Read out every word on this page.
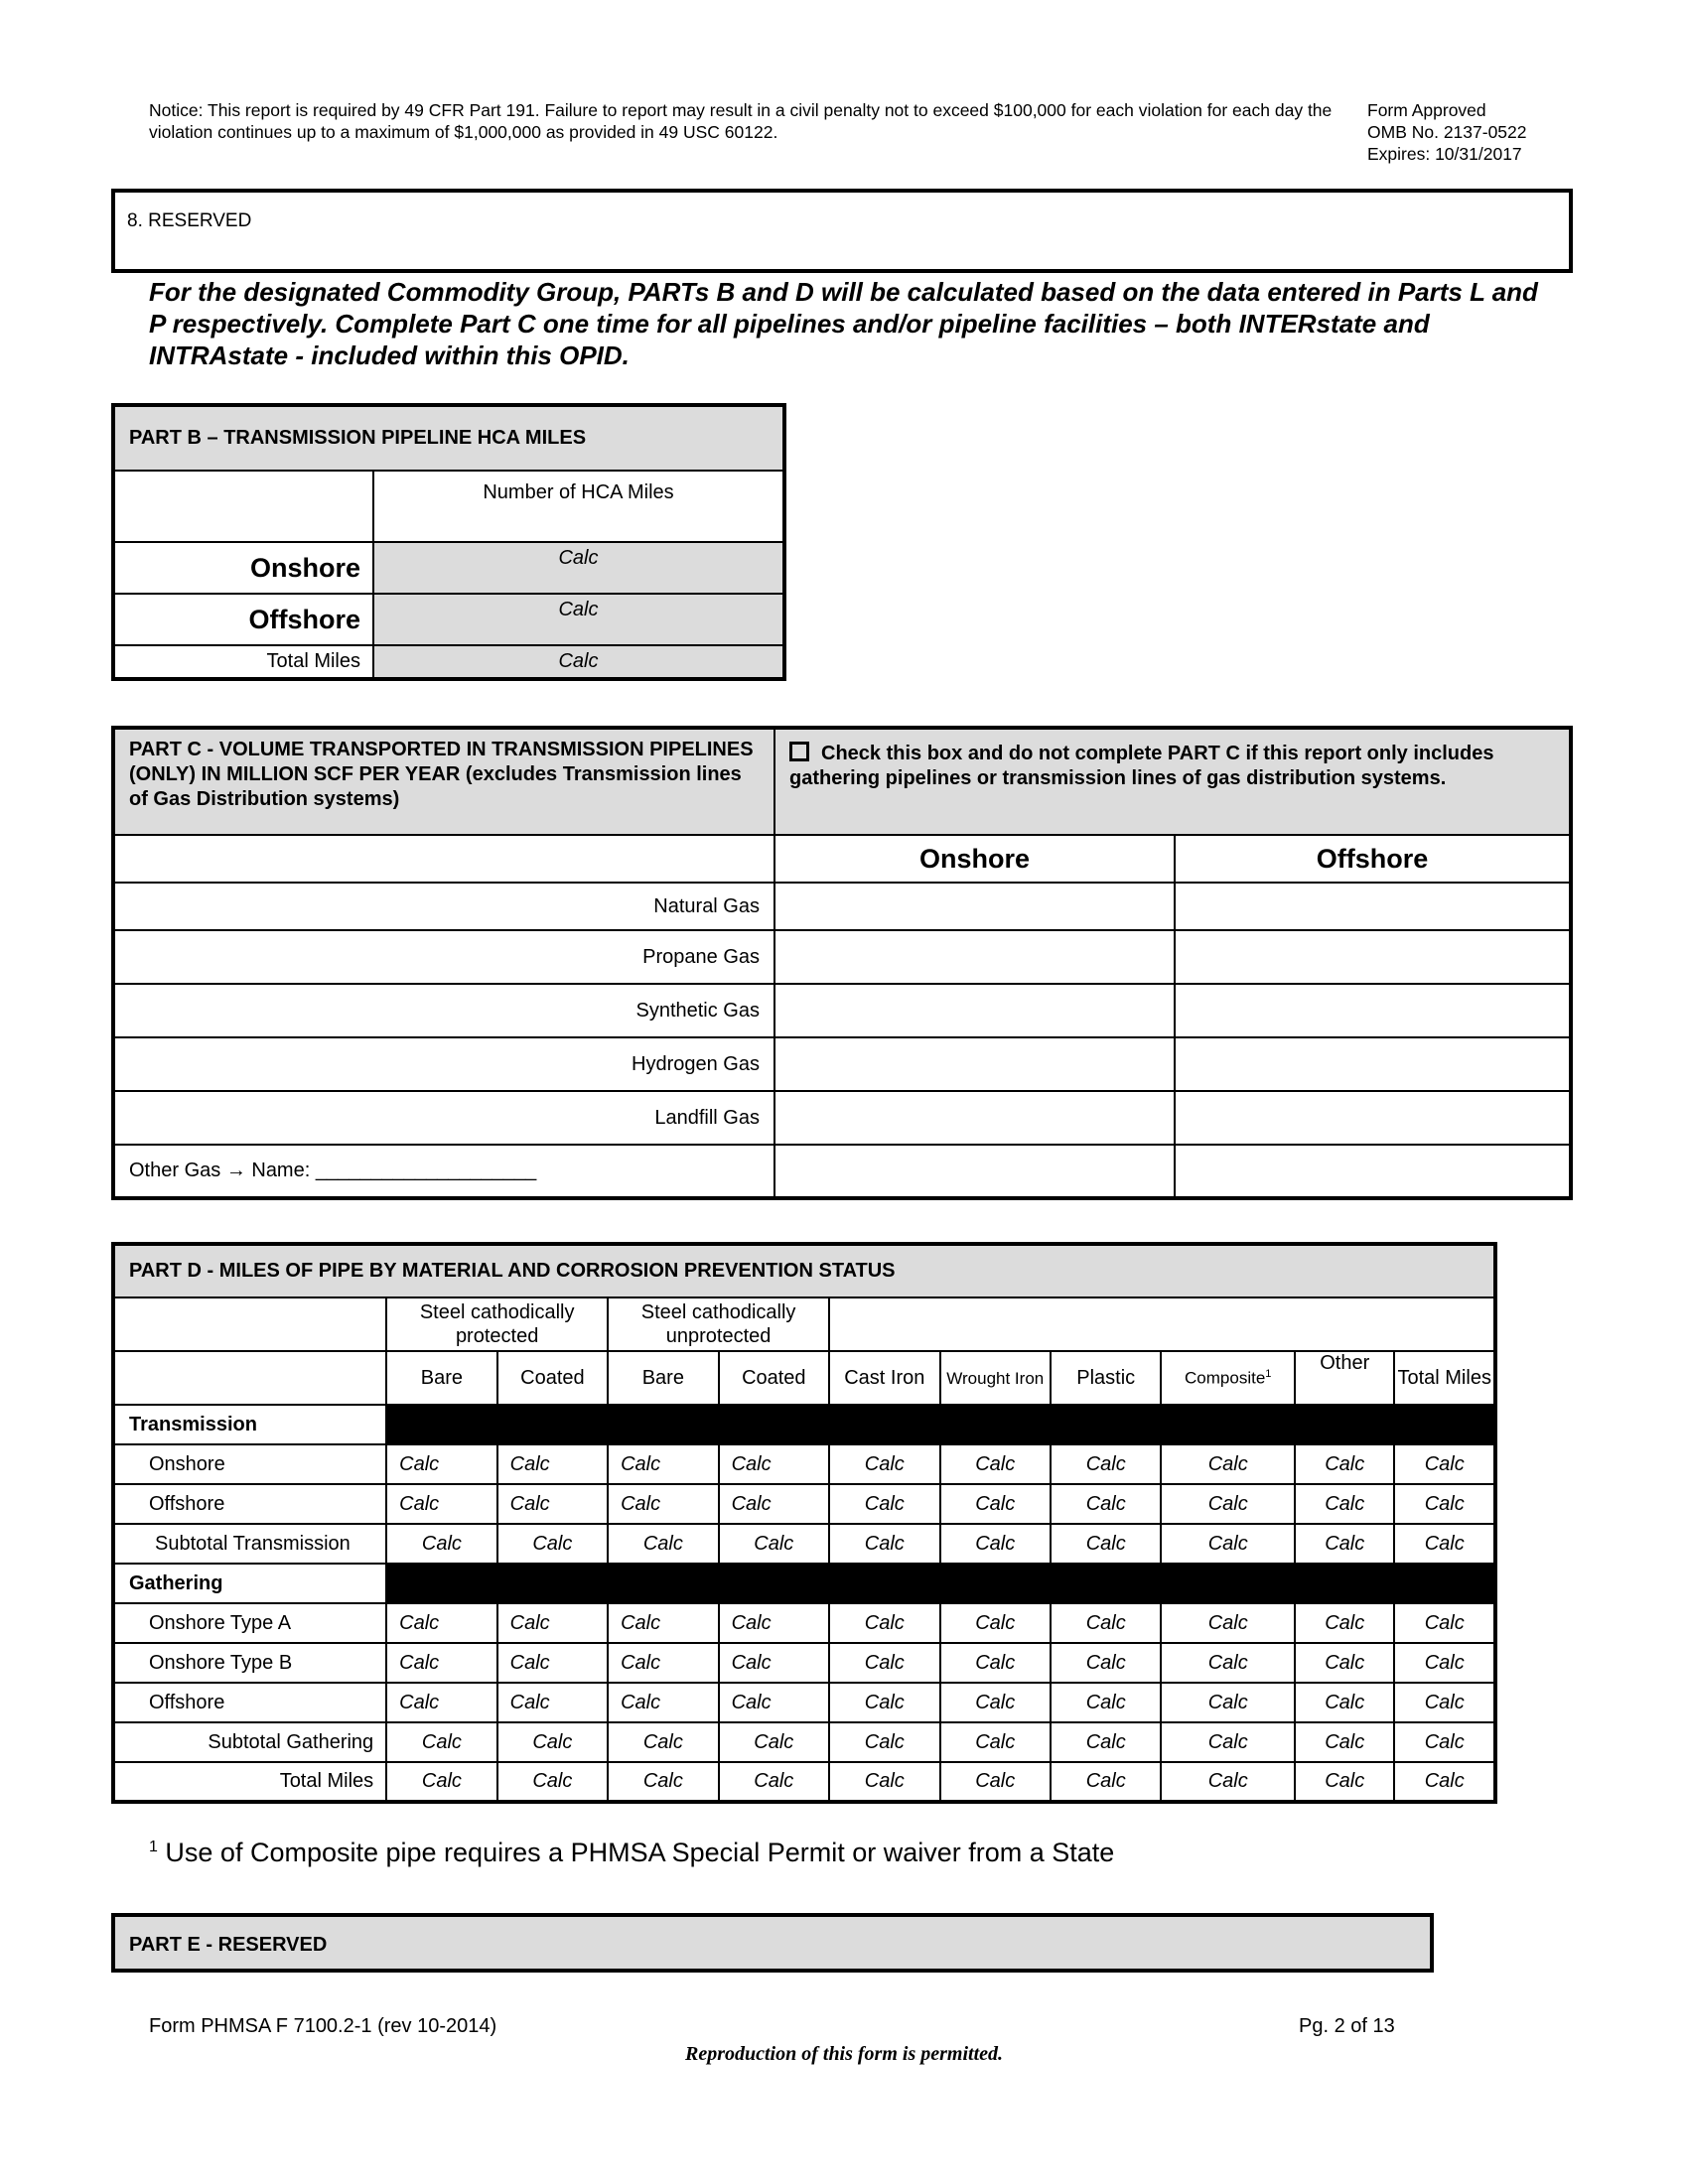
Notice: This report is required by 49 CFR Part 191. Failure to report may result in a civil penalty not to exceed $100,000 for each violation for each day the violation continues up to a maximum of $1,000,000 as provided in 49 USC 60122.
Form Approved
OMB No. 2137-0522
Expires: 10/31/2017
8. RESERVED
For the designated Commodity Group, PARTs B and D will be calculated based on the data entered in Parts L and P respectively. Complete Part C one time for all pipelines and/or pipeline facilities – both INTERstate and INTRAstate - included within this OPID.
PART B – TRANSMISSION PIPELINE HCA MILES	
	Number of HCA Miles
Onshore	Calc
Offshore	Calc
Total Miles	Calc
PART C - VOLUME TRANSPORTED IN TRANSMISSION PIPELINES (ONLY) IN MILLION SCF PER YEAR (excludes Transmission lines of Gas Distribution systems)	Check this box and do not complete PART C if this report only includes gathering pipelines or transmission lines of gas distribution systems.	
	Onshore	Offshore
Natural Gas		
Propane Gas		
Synthetic Gas		
Hydrogen Gas		
Landfill Gas		
Other Gas → Name: ____________________		
PART D - MILES OF PIPE BY MATERIAL AND CORROSION PREVENTION STATUS										
	Steel cathodically protected		Steel cathodically unprotected							
	Bare	Coated	Bare	Coated	Cast Iron	Wrought Iron	Plastic	Composite$^1$	Other	Total Miles
Transmission										
Onshore	Calc	Calc	Calc	Calc	Calc	Calc	Calc	Calc	Calc	Calc
Offshore	Calc	Calc	Calc	Calc	Calc	Calc	Calc	Calc	Calc	Calc
Subtotal Transmission	Calc	Calc	Calc	Calc	Calc	Calc	Calc	Calc	Calc	Calc
Gathering										
Onshore Type A	Calc	Calc	Calc	Calc	Calc	Calc	Calc	Calc	Calc	Calc
Onshore Type B	Calc	Calc	Calc	Calc	Calc	Calc	Calc	Calc	Calc	Calc
Offshore	Calc	Calc	Calc	Calc	Calc	Calc	Calc	Calc	Calc	Calc
Subtotal Gathering	Calc	Calc	Calc	Calc	Calc	Calc	Calc	Calc	Calc	Calc
Total Miles	Calc	Calc	Calc	Calc	Calc	Calc	Calc	Calc	Calc	Calc
$^1$ Use of Composite pipe requires a PHMSA Special Permit or waiver from a State
PART E - RESERVED
Form PHMSA F 7100.2-1 (rev 10-2014)	Pg. 2 of 13
Reproduction of this form is permitted.
